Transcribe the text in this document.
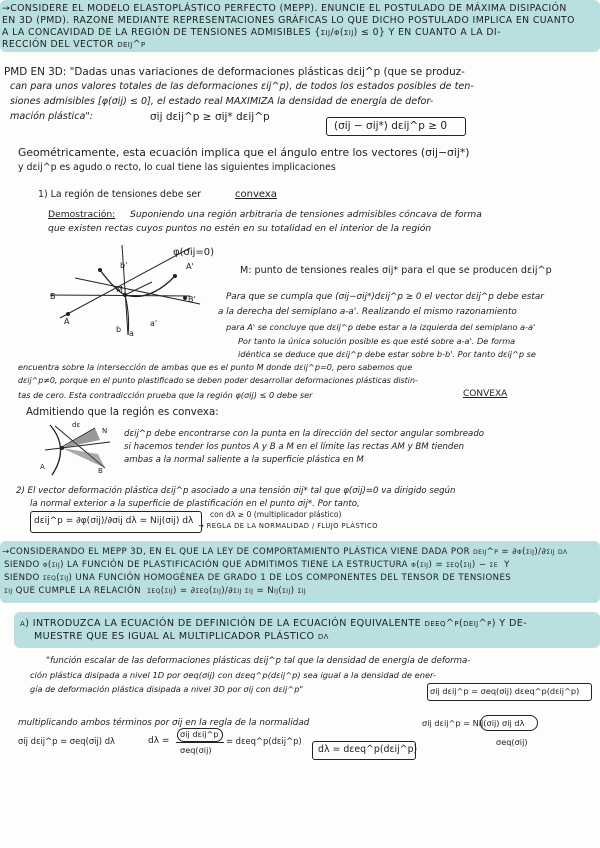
→CONSIDERE EL MODELO ELASTOPLÁSTICO PERFECTO (MEPP). ENUNCIE EL POSTULADO DE MÁXIMA DISIPACIÓN
EN 3D (PMD). RAZONE MEDIANTE REPRESENTACIONES GRÁFICAS LO QUE DICHO POSTULADO IMPLICA EN CUANTO
A LA CONCAVIDAD DE LA REGIÓN DE TENSIONES ADMISIBLES {σij/φ(σij) ≤ 0} Y EN CUANTO A LA DI-
RECCIÓN DEL VECTOR dεij^p
PMD EN 3D: "Dadas unas variaciones de deformaciones plásticas dεij^p (que se produz-
can para unos valores totales de las deformaciones εij^p), de todos los estados posibles de ten-
siones admisibles [φ(σij) ≤ 0], el estado real MAXIMIZA la densidad de energía de defor-
mación plástica":	σij dεij^p ≥ σij* dεij^p
(σij − σij*) dεij^p ≥ 0
Geométricamente, esta ecuación implica que el ángulo entre los vectores (σij−σij*)
y dεij^p es agudo o recto, lo cual tiene las siguientes implicaciones
1) La región de tensiones debe ser	convexa
Demostración: Suponiendo una región arbitraria de tensiones admisibles cóncava de forma
que existen rectas cuyos puntos no estén en su totalidad en el interior de la región
φ(σij=0)
A'
B
M
B'
A
b a
a'
b'	M: punto de tensiones reales σij* para el que se producen dεij^p
Para que se cumpla que (σij−σij*)dεij^p ≥ 0 el vector dεij^p debe estar
a la derecha del semiplano a-a'. Realizando el mismo razonamiento
para A' se concluye que dεij^p debe estar a la izquierda del semiplano a-a'
Por tanto la única solución posible es que esté sobre a-a'. De forma
idéntica se deduce que dεij^p debe estar sobre b-b'. Por tanto dεij^p se
encuentra sobre la intersección de ambas que es el punto M donde dεij^p=0, pero sabemos que
dεij^p≠0, porque en el punto plastificado se deben poder desarrollar deformaciones plásticas distin-
tas de cero. Esta contradicción prueba que la región φ(σij) ≤ 0 debe ser	CONVEXA
Admitiendo que la región es convexa:
N
A	B
dε
dεij^p debe encontrarse con la punta en la dirección del sector angular sombreado
si hacemos tender los puntos A y B a M en el límite las rectas AM y BM tienden
ambas a la normal saliente a la superficie plástica en M
2) El vector deformación plástica dεij^p asociado a una tensión σij* tal que φ(σij)=0 va dirigido según
la normal exterior a la superficie de plastificación en el punto σij*. Por tanto,
dεij^p = ∂φ(σij)/∂σij dλ = Nij(σij) dλ
con dλ ≥ 0 (multiplicador plástico)
→ REGLA DE LA NORMALIDAD / FLUJO PLÁSTICO
→CONSIDERANDO EL MEPP 3D, EN EL QUE LA LEY DE COMPORTAMIENTO PLÁSTICA VIENE DADA POR dεij^p = ∂φ(σij)/∂σij dλ
SIENDO φ(σij) LA FUNCIÓN DE PLASTIFICACIÓN QUE ADMITIMOS TIENE LA ESTRUCTURA φ(σij) = σeq(σij) − σe  Y
SIENDO σeq(σij) UNA FUNCIÓN HOMOGÉNEA DE GRADO 1 DE LOS COMPONENTES DEL TENSOR DE TENSIONES
σij QUE CUMPLE LA RELACIÓN  σeq(σij) = ∂σeq(σij)/∂σij σij = Nij(σij) σij
a) INTRODUZCA LA ECUACIÓN DE DEFINICIÓN DE LA ECUACIÓN EQUIVALENTE dεeq^p(dεij^p) Y DE-
MUESTRE QUE ES IGUAL AL MULTIPLICADOR PLÁSTICO dλ
"función escalar de las deformaciones plásticas dεij^p tal que la densidad de energía de deforma-
ción plástica disipada a nivel 1D por σeq(σij) con dεeq^p(dεij^p) sea igual a la densidad de ener-
gía de deformación plástica disipada a nivel 3D por σij con dεij^p"	σij dεij^p = σeq(σij) dεeq^p(dεij^p)
multiplicando ambos términos por σij en la regla de la normalidad	σij dεij^p = Nij(σij) σij dλ
σeq(σij)
σij dεij^p = σeq(σij) dλ	dλ =
σij dεij^p
σeq(σij)
= dεeq^p(dεij^p)
dλ = dεeq^p(dεij^p)
